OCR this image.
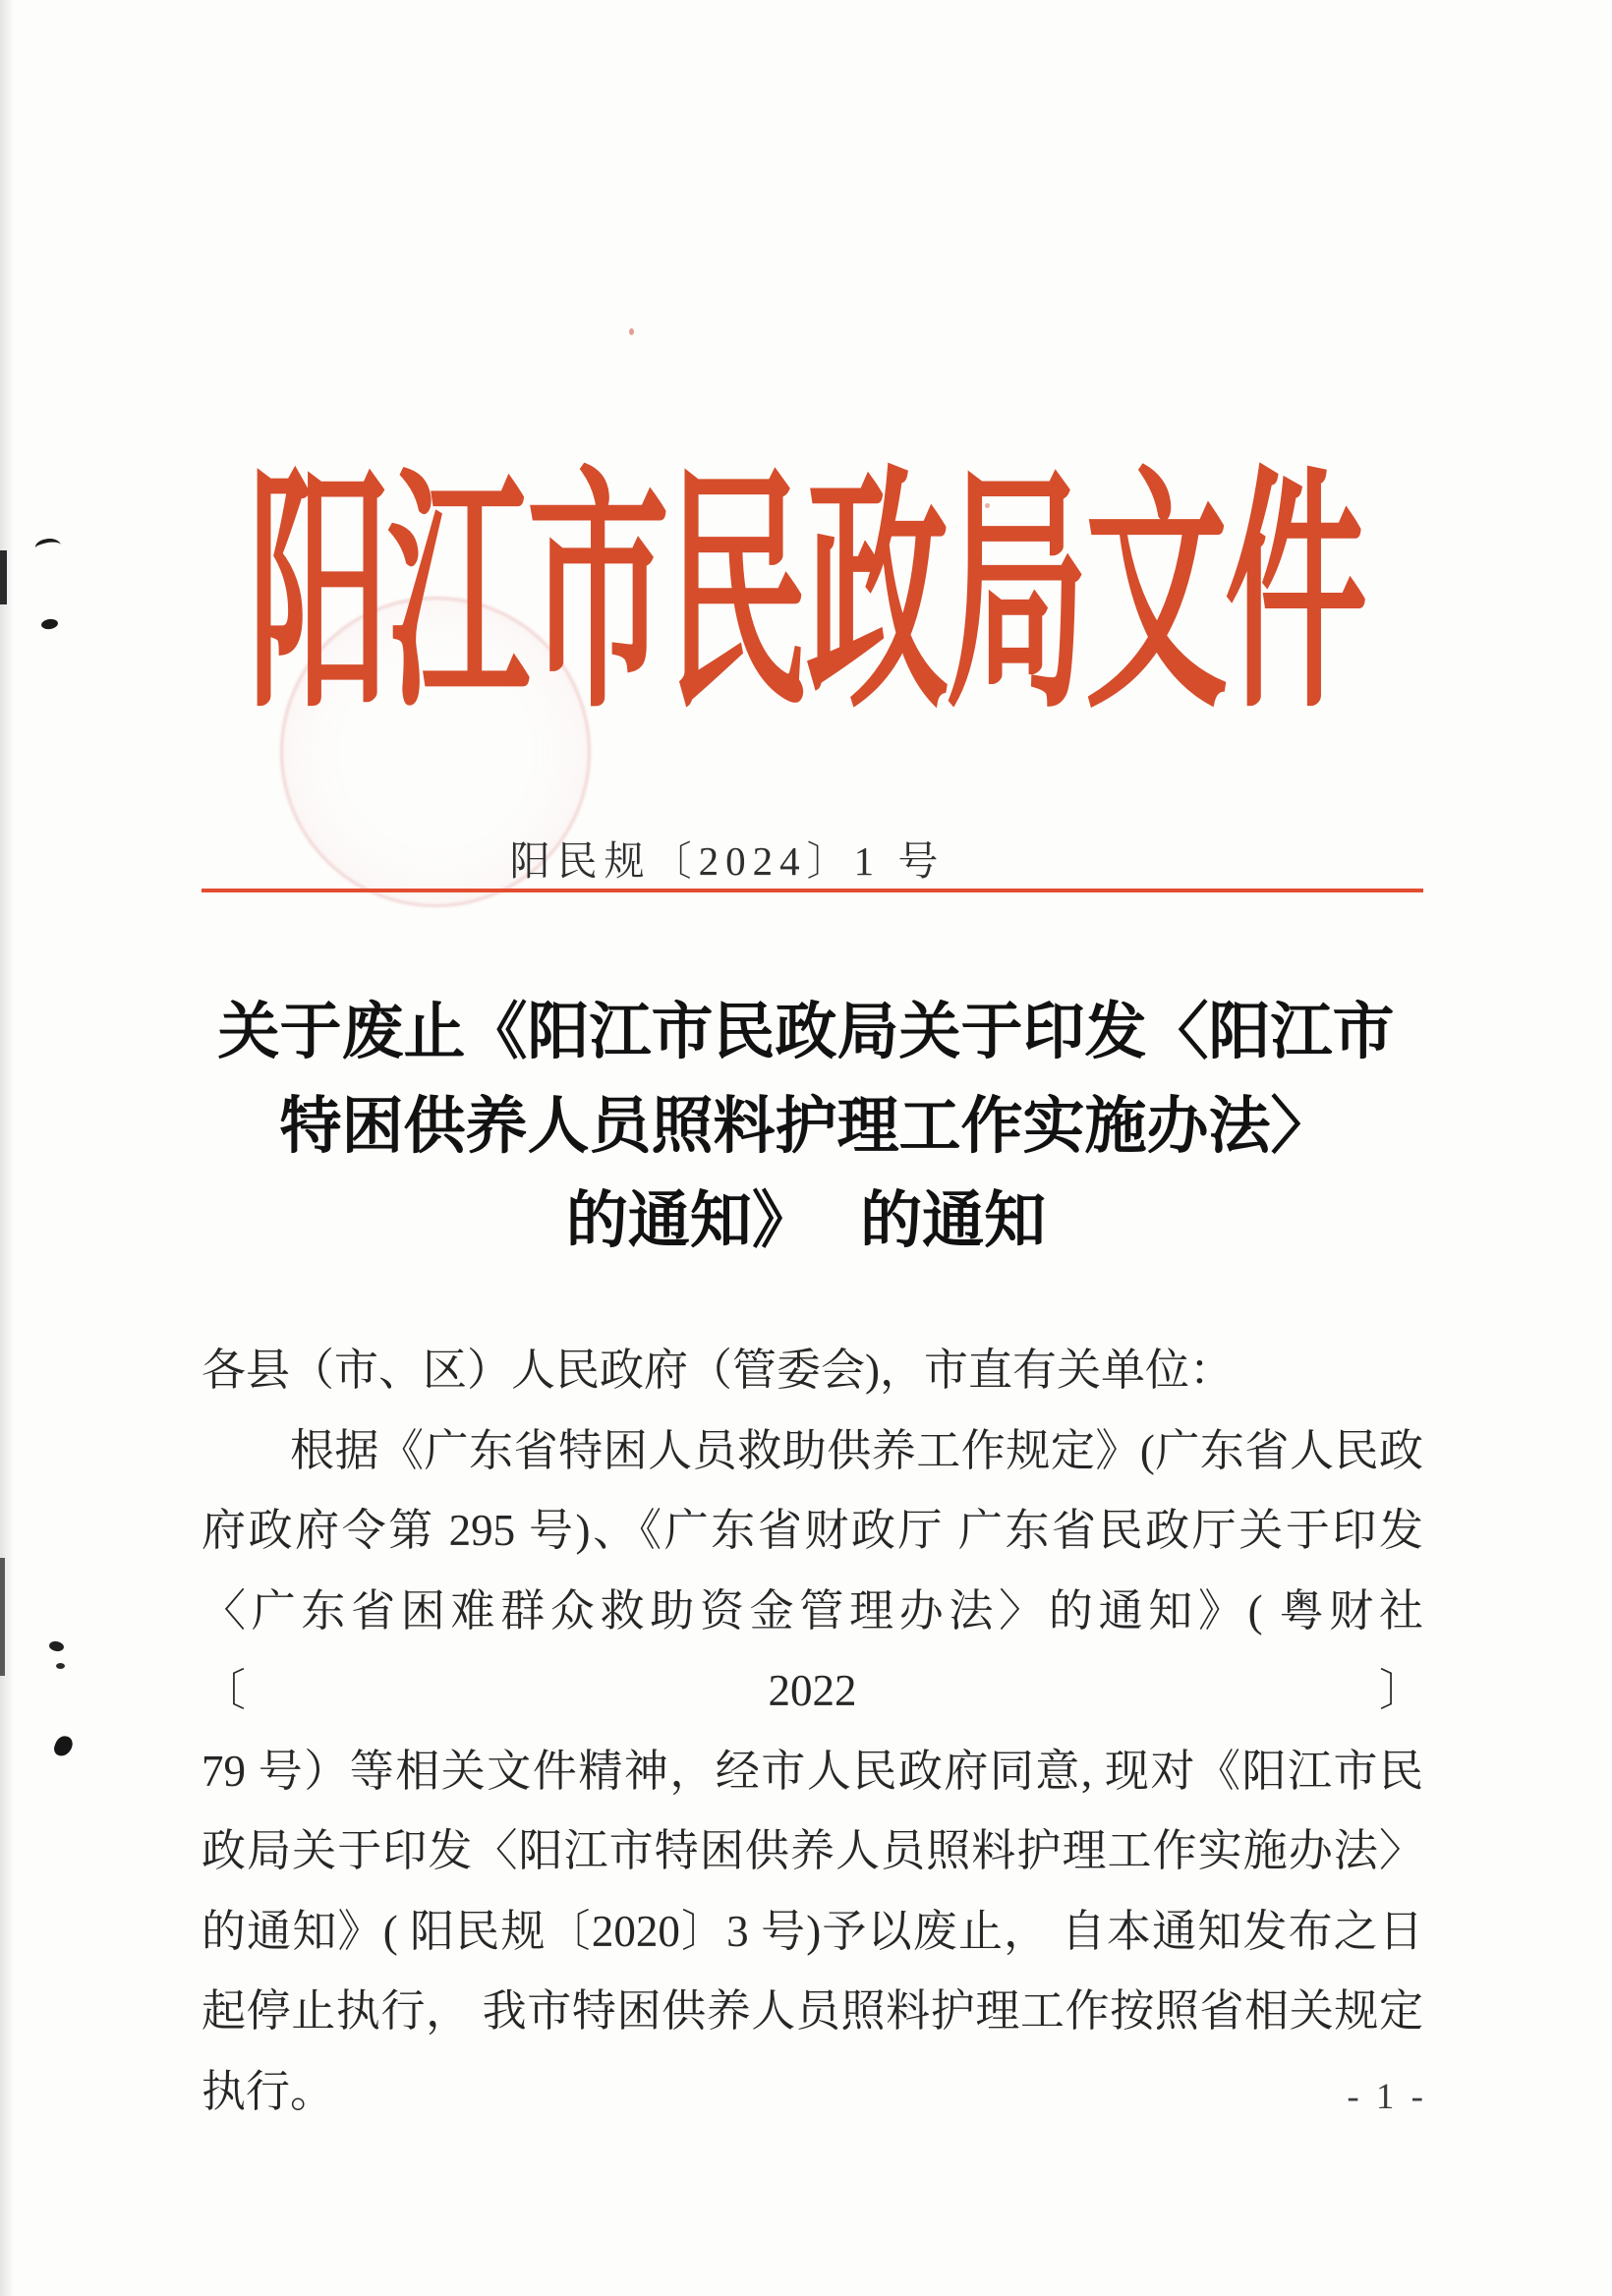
阳江市民政局文件
阳民规〔2024〕1 号
关于废止《阳江市民政局关于印发〈阳江市
特困供养人员照料护理工作实施办法〉
的通知》　 的通知
各县（市、区）人民政府（管委会)，市直有关单位：
根据《广东省特困人员救助供养工作规定》(广东省人民政
府政府令第 295 号)、《广东省财政厅 广东省民政厅关于印发
〈广东省困难群众救助资金管理办法〉的通知》( 粤财社〔2022〕
79 号）等相关文件精神，经市人民政府同意, 现对《阳江市民
政局关于印发〈阳江市特困供养人员照料护理工作实施办法〉
的通知》( 阳民规〔2020〕3 号)予以废止， 自本通知发布之日
起停止执行， 我市特困供养人员照料护理工作按照省相关规定
执行。	- 1 -
